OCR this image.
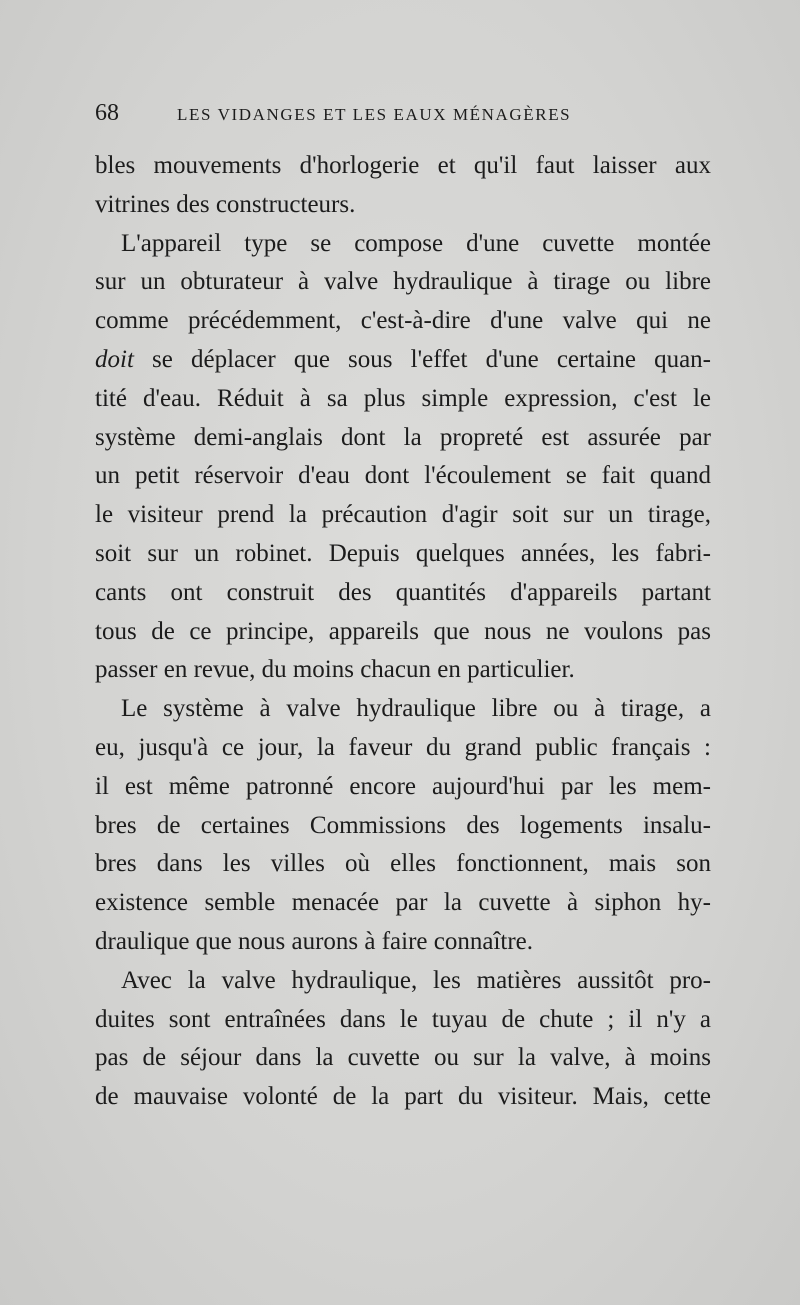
68	LES VIDANGES ET LES EAUX MÉNAGÈRES
bles mouvements d'horlogerie et qu'il faut laisser aux
vitrines des constructeurs.
L'appareil type se compose d'une cuvette montée
sur un obturateur à valve hydraulique à tirage ou libre
comme précédemment, c'est-à-dire d'une valve qui ne
doit se déplacer que sous l'effet d'une certaine quan-
tité d'eau. Réduit à sa plus simple expression, c'est le
système demi-anglais dont la propreté est assurée par
un petit réservoir d'eau dont l'écoulement se fait quand
le visiteur prend la précaution d'agir soit sur un tirage,
soit sur un robinet. Depuis quelques années, les fabri-
cants ont construit des quantités d'appareils partant
tous de ce principe, appareils que nous ne voulons pas
passer en revue, du moins chacun en particulier.
Le système à valve hydraulique libre ou à tirage, a
eu, jusqu'à ce jour, la faveur du grand public français :
il est même patronné encore aujourd'hui par les mem-
bres de certaines Commissions des logements insalu-
bres dans les villes où elles fonctionnent, mais son
existence semble menacée par la cuvette à siphon hy-
draulique que nous aurons à faire connaître.
Avec la valve hydraulique, les matières aussitôt pro-
duites sont entraînées dans le tuyau de chute ; il n'y a
pas de séjour dans la cuvette ou sur la valve, à moins
de mauvaise volonté de la part du visiteur. Mais, cette
